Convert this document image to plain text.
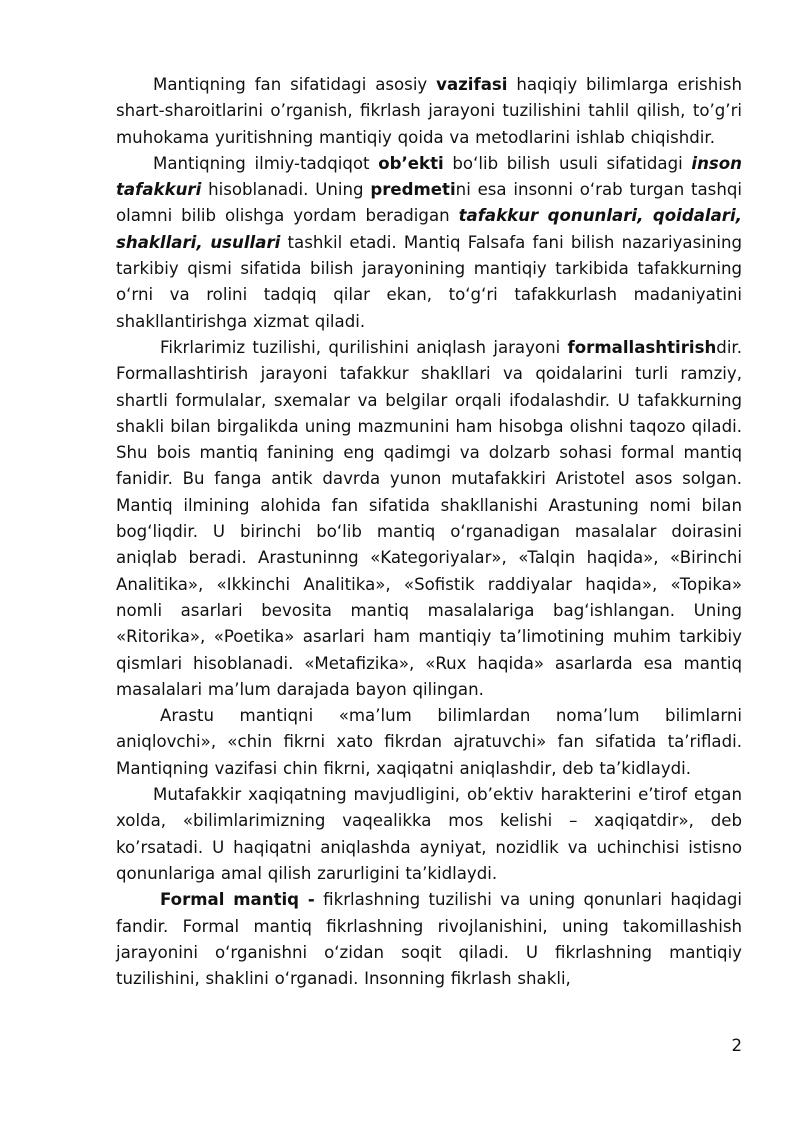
Mantiqning fan sifatidagi asosiy vazifasi haqiqiy bilimlarga erishish shart-sharoitlarini o’rganish, fikrlash jarayoni tuzilishini tahlil qilish, to’g’ri muhokama yuritishning mantiqiy qoida va metodlarini ishlab chiqishdir.

Mantiqning ilmiy-tadqiqot ob’ekti bo‘lib bilish usuli sifatidagi inson tafakkuri hisoblanadi. Uning predmetini esa insonni o‘rab turgan tashqi olamni bilib olishga yordam beradigan tafakkur qonunlari, qoidalari, shakllari, usullari tashkil etadi. Mantiq Falsafa fani bilish nazariyasining tarkibiy qismi sifatida bilish jarayonining mantiqiy tarkibida tafakkurning o‘rni va rolini tadqiq qilar ekan, to‘g‘ri tafakkurlash madaniyatini shakllantirishga xizmat qiladi.

Fikrlarimiz tuzilishi, qurilishini aniqlash jarayoni formallashtirishdir. Formallashtirish jarayoni tafakkur shakllari va qoidalarini turli ramziy, shartli formulalar, sxemalar va belgilar orqali ifodalashdir. U tafakkurning shakli bilan birgalikda uning mazmunini ham hisobga olishni taqozo qiladi. Shu bois mantiq fanining eng qadimgi va dolzarb sohasi formal mantiq fanidir. Bu fanga antik davrda yunon mutafakkiri Aristotel asos solgan. Mantiq ilmining alohida fan sifatida shakllanishi Arastuning nomi bilan bog‘liqdir. U birinchi bo‘lib mantiq o‘rganadigan masalalar doirasini aniqlab beradi. Arastuninng «Kategoriyalar», «Talqin haqida», «Birinchi Analitika», «Ikkinchi Analitika», «Sofistik raddiyalar haqida», «Topika» nomli asarlari bevosita mantiq masalalariga bag‘ishlangan. Uning «Ritorika», «Poetika» asarlari ham mantiqiy ta’limotining muhim tarkibiy qismlari hisoblanadi. «Metafizika», «Rux haqida» asarlarda esa mantiq masalalari ma’lum darajada bayon qilingan.

Arastu mantiqni «ma’lum bilimlardan noma’lum bilimlarni aniqlovchi», «chin fikrni xato fikrdan ajratuvchi» fan sifatida ta’rifladi. Mantiqning vazifasi chin fikrni, xaqiqatni aniqlashdir, deb ta’kidlaydi.

Mutafakkir xaqiqatning mavjudligini, ob’ektiv harakterini e’tirof etgan xolda, «bilimlarimizning vaqealikka mos kelishi – xaqiqatdir», deb ko’rsatadi. U haqiqatni aniqlashda ayniyat, nozidlik va uchinchisi istisno qonunlariga amal qilish zarurligini ta’kidlaydi.

Formal mantiq - fikrlashning tuzilishi va uning qonunlari haqidagi fandir. Formal mantiq fikrlashning rivojlanishini, uning takomillashish jarayonini o‘rganishni o‘zidan soqit qiladi. U fikrlashning mantiqiy tuzilishini, shaklini o‘rganadi. Insonning fikrlash shakli,

2
